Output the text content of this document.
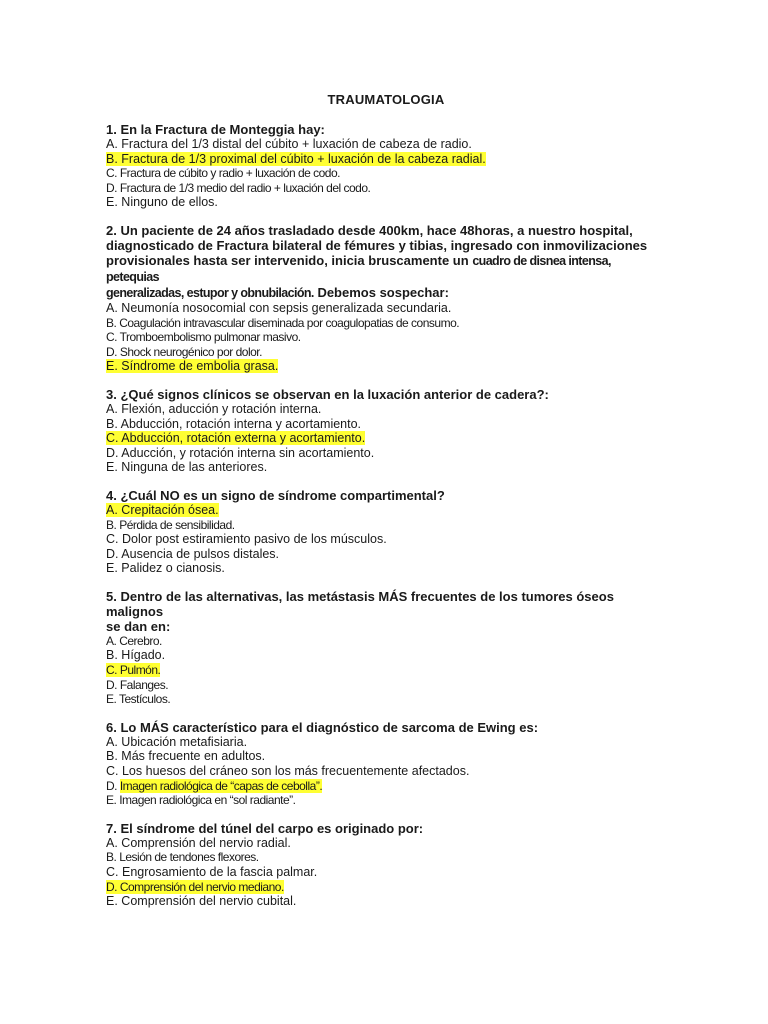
TRAUMATOLOGIA

1. En la Fractura de Monteggia hay:

A. Fractura del 1/3 distal del cúbito + luxación de cabeza de radio.

B. Fractura de 1/3 proximal del cúbito + luxación de la cabeza radial.

C. Fractura de cúbito y radio + luxación de codo.

D. Fractura de 1/3 medio del radio + luxación del codo.

E. Ninguno de ellos.

2. Un paciente de 24 años trasladado desde 400km, hace 48horas, a nuestro hospital,
diagnosticado de Fractura bilateral de fémures y tibias, ingresado con inmovilizaciones
provisionales hasta ser intervenido, inicia bruscamente un cuadro de disnea intensa, petequias
generalizadas, estupor y obnubilación. Debemos sospechar:

A. Neumonía nosocomial con sepsis generalizada secundaria.

B. Coagulación intravascular diseminada por coagulopatias de consumo.

C. Tromboembolismo pulmonar masivo.

D. Shock neurogénico por dolor.

E. Síndrome de embolia grasa.

3. ¿Qué signos clínicos se observan en la luxación anterior de cadera?:

A. Flexión, aducción y rotación interna.

B. Abducción, rotación interna y acortamiento.

C. Abducción, rotación externa y acortamiento.

D. Aducción, y rotación interna sin acortamiento.

E. Ninguna de las anteriores.

4. ¿Cuál NO es un signo de síndrome compartimental?

A. Crepitación ósea.

B. Pérdida de sensibilidad.

C. Dolor post estiramiento pasivo de los músculos.

D. Ausencia de pulsos distales.

E. Palidez o cianosis.

5. Dentro de las alternativas, las metástasis MÁS frecuentes de los tumores óseos malignos
se dan en:

A. Cerebro.

B. Hígado.

C. Pulmón.

D. Falanges.

E. Testículos.

6. Lo MÁS característico para el diagnóstico de sarcoma de Ewing es:

A. Ubicación metafisiaria.

B. Más frecuente en adultos.

C. Los huesos del cráneo son los más frecuentemente afectados.

D. Imagen radiológica de “capas de cebolla”.

E. Imagen radiológica en “sol radiante”.

7. El síndrome del túnel del carpo es originado por:

A. Comprensión del nervio radial.

B. Lesión de tendones flexores.

C. Engrosamiento de la fascia palmar.

D. Comprensión del nervio mediano.

E. Comprensión del nervio cubital.
